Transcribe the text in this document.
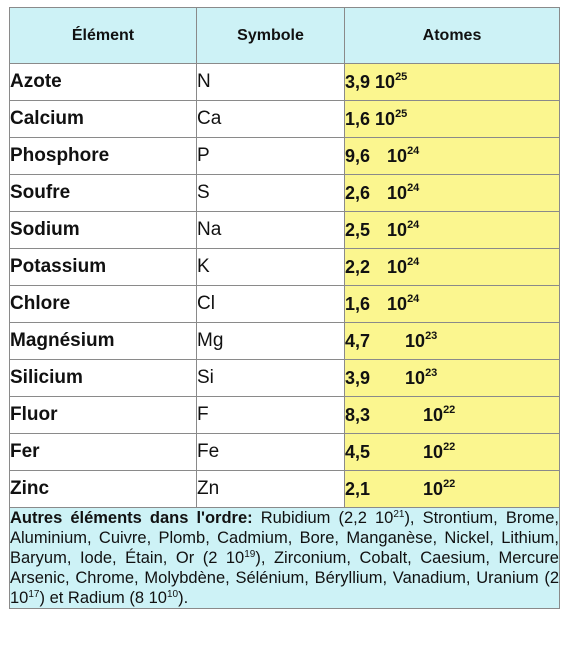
Élément	Symbole	Atomes
Azote	N	3,9 $10^{25}$
Calcium	Ca	1,6 $10^{25}$
Phosphore	P	9,6 $10^{24}$
Soufre	S	2,6 $10^{24}$
Sodium	Na	2,5 $10^{24}$
Potassium	K	2,2 $10^{24}$
Chlore	Cl	1,6 $10^{24}$
Magnésium	Mg	4,7 $10^{23}$
Silicium	Si	3,9 $10^{23}$
Fluor	F	8,3 $10^{22}$
Fer	Fe	4,5 $10^{22}$
Zinc	Zn	2,1 $10^{22}$
Autres éléments dans l'ordre: Rubidium (2,2 $10^{21}$), Strontium, Brome, Aluminium, Cuivre, Plomb, Cadmium, Bore, Manganèse, Nickel, Lithium, Baryum, Iode, Étain, Or (2 $10^{19}$), Zirconium, Cobalt, Caesium, Mercure Arsenic, Chrome, Molybdène, Sélénium, Béryllium, Vanadium, Uranium (2 $10^{17}$) et Radium (8 $10^{10}$).		
